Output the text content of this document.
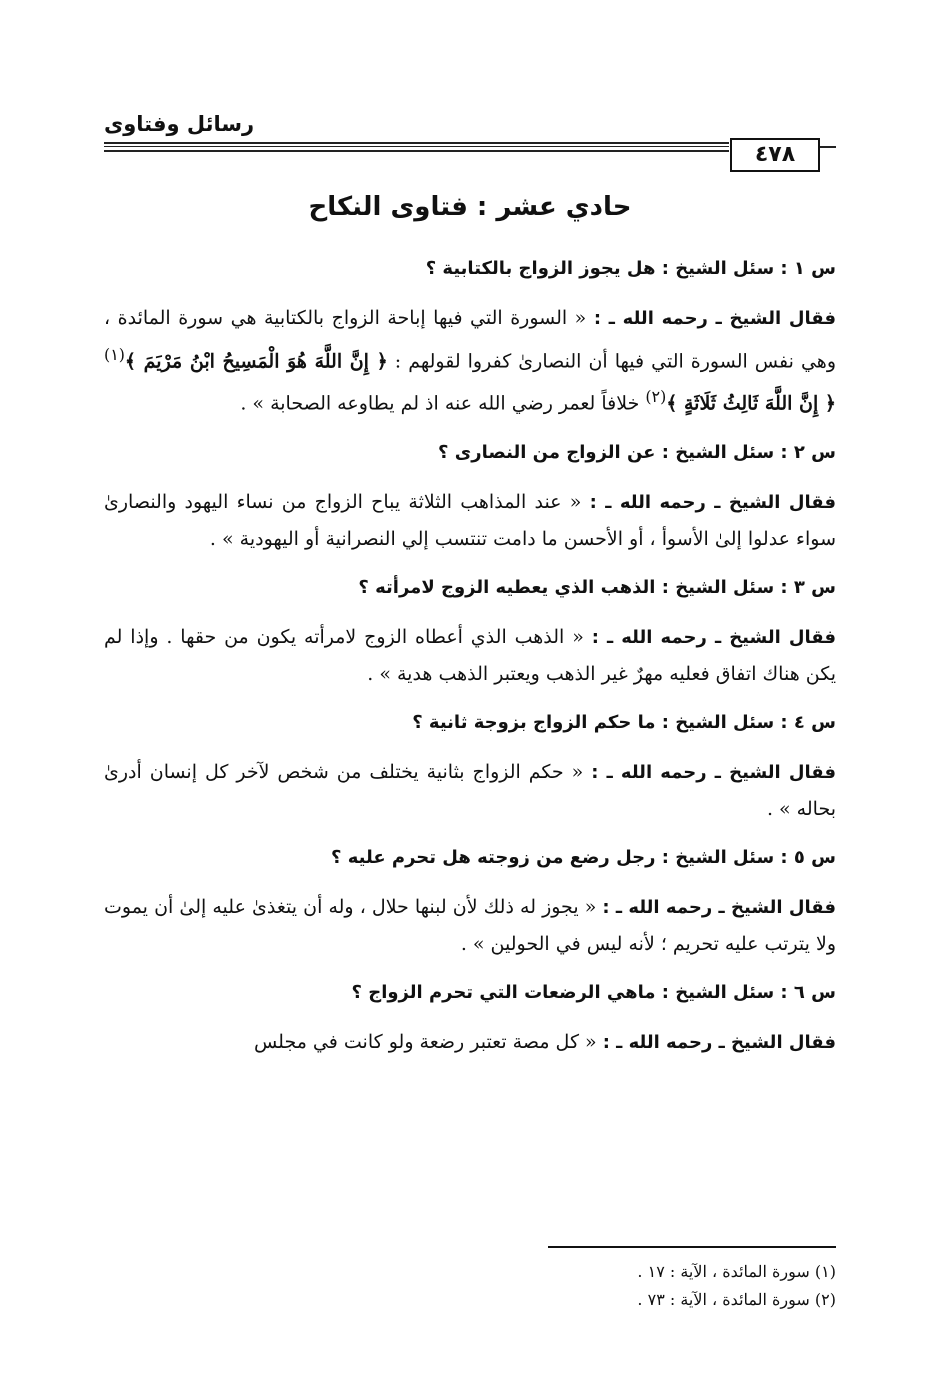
رسائل وفتاوى
٤٧٨
حادي عشر : فتاوى النكاح
س ١ : سئل الشيخ : هل يجوز الزواج بالكتابية ؟
فقال الشيخ ـ رحمه الله ـ : « السورة التي فيها إباحة الزواج بالكتابية هي سورة المائدة ، وهي نفس السورة التي فيها أن النصارىٰ كفروا لقولهم : ﴿ إِنَّ اللَّهَ هُوَ الْمَسِيحُ ابْنُ مَرْيَمَ ﴾$^{(١)}$ ﴿ إِنَّ اللَّهَ ثَالِثُ ثَلَاثَةٍ ﴾$^{(٢)}$ خلافاً لعمر رضي الله عنه اذ لم يطاوعه الصحابة » .
س ٢ : سئل الشيخ : عن الزواج من النصارى ؟
فقال الشيخ ـ رحمه الله ـ : « عند المذاهب الثلاثة يباح الزواج من نساء اليهود والنصارىٰ سواء عدلوا إلىٰ الأسوأ ، أو الأحسن ما دامت تنتسب إلي النصرانية أو اليهودية » .
س ٣ : سئل الشيخ : الذهب الذي يعطيه الزوج لامرأته ؟
فقال الشيخ ـ رحمه الله ـ : « الذهب الذي أعطاه الزوج لامرأته يكون من حقها . وإذا لم يكن هناك اتفاق فعليه مهرٌ غير الذهب ويعتبر الذهب هدية » .
س ٤ : سئل الشيخ : ما حكم الزواج بزوجة ثانية ؟
فقال الشيخ ـ رحمه الله ـ : « حكم الزواج بثانية يختلف من شخص لآخر كل إنسان أدرىٰ بحاله » .
س ٥ : سئل الشيخ : رجل رضع من زوجته هل تحرم عليه ؟
فقال الشيخ ـ رحمه الله ـ : « يجوز له ذلك لأن لبنها حلال ، وله أن يتغذىٰ عليه إلىٰ أن يموت ولا يترتب عليه تحريم ؛ لأنه ليس في الحولين » .
س ٦ : سئل الشيخ : ماهي الرضعات التي تحرم الزواج ؟
فقال الشيخ ـ رحمه الله ـ : « كل مصة تعتبر رضعة ولو كانت في مجلس
(١) سورة المائدة ، الآية : ١٧ .
(٢) سورة المائدة ، الآية : ٧٣ .
